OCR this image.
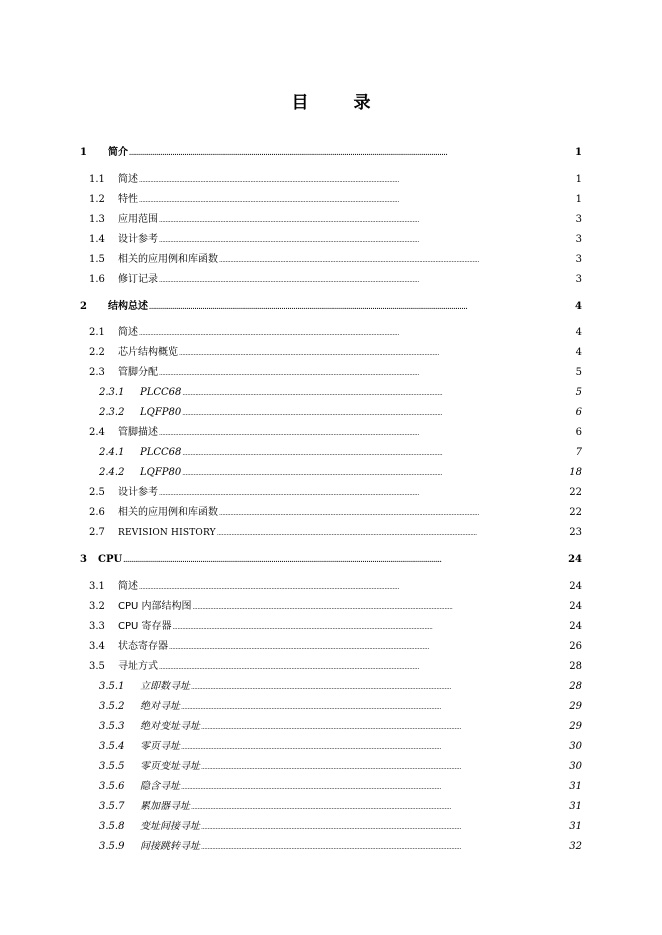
目　录
1	简介 . . .	1
1.1	简述 . . .	1
1.2	特性 . . .	1
1.3	应用范围 . . .	3
1.4	设计参考 . . .	3
1.5	相关的应用例和库函数 . . .	3
1.6	修订记录 . . .	3
2	结构总述 . . .	4
2.1	简述 . . .	4
2.2	芯片结构概览 . . .	4
2.3	管脚分配 . . .	5
2.3.1	PLCC68 . . .	5
2.3.2	LQFP80 . . .	6
2.4	管脚描述 . . .	6
2.4.1	PLCC68 . . .	7
2.4.2	LQFP80 . . .	18
2.5	设计参考 . . .	22
2.6	相关的应用例和库函数 . . .	22
2.7	REVISION HISTORY . . .	23
3	CPU . . .	24
3.1	简述 . . .	24
3.2	CPU 内部结构图 . . .	24
3.3	CPU 寄存器 . . .	24
3.4	状态寄存器 . . .	26
3.5	寻址方式 . . .	28
3.5.1	立即数寻址 . . .	28
3.5.2	绝对寻址 . . .	29
3.5.3	绝对变址寻址 . . .	29
3.5.4	零页寻址 . . .	30
3.5.5	零页变址寻址 . . .	30
3.5.6	隐含寻址 . . .	31
3.5.7	累加器寻址 . . .	31
3.5.8	变址间接寻址 . . .	31
3.5.9	间接跳转寻址 . . .	32
